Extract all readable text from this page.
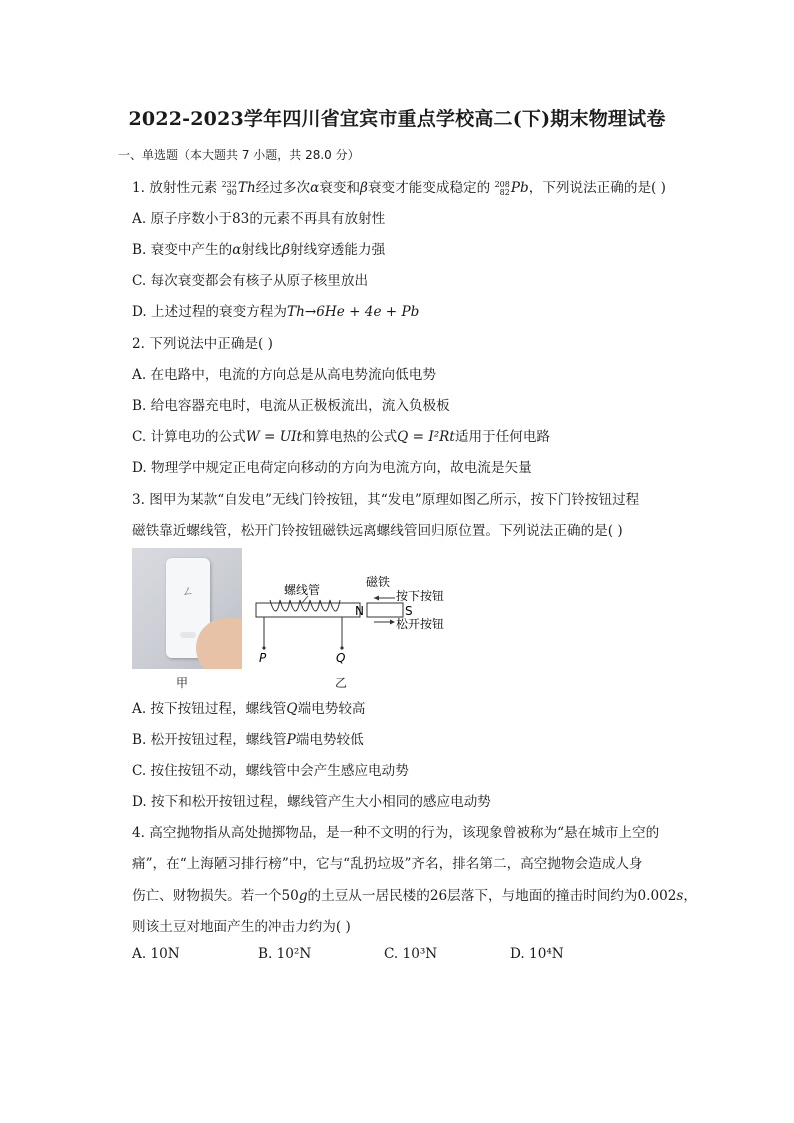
2022-2023学年四川省宜宾市重点学校高二(下)期末物理试卷
一、单选题（本大题共 7 小题，共 28.0 分）
1. 放射性元素 232
90Th经过多次α衰变和β衰变才能变成稳定的 208
82Pb，下列说法正确的是( )
A. 原子序数小于83的元素不再具有放射性
B. 衰变中产生的α射线比β射线穿透能力强
C. 每次衰变都会有核子从原子核里放出
D. 上述过程的衰变方程为Th→6He + 4e + Pb
2. 下列说法中正确是( )
A. 在电路中，电流的方向总是从高电势流向低电势
B. 给电容器充电时，电流从正极板流出，流入负极板
C. 计算电功的公式W = UIt和算电热的公式Q = I²Rt适用于任何电路
D. 物理学中规定正电荷定向移动的方向为电流方向，故电流是矢量
3. 图甲为某款“自发电”无线门铃按钮，其“发电”原理如图乙所示，按下门铃按钮过程
磁铁靠近螺线管，松开门铃按钮磁铁远离螺线管回归原位置。下列说法正确的是( )
ㄥ
甲
螺线管
P	Q
N	S
磁铁
按下按钮
松开按钮
乙
A. 按下按钮过程，螺线管Q端电势较高
B. 松开按钮过程，螺线管P端电势较低
C. 按住按钮不动，螺线管中会产生感应电动势
D. 按下和松开按钮过程，螺线管产生大小相同的感应电动势
4. 高空抛物指从高处抛掷物品，是一种不文明的行为，该现象曾被称为“悬在城市上空的
痛”，在“上海陋习排行榜”中，它与“乱扔垃圾”齐名，排名第二，高空抛物会造成人身
伤亡、财物损失。若一个50g的土豆从一居民楼的26层落下，与地面的撞击时间约为0.002s，
则该土豆对地面产生的冲击力约为( )
A. 10N	B. 10²N	C. 10³N	D. 10⁴N
